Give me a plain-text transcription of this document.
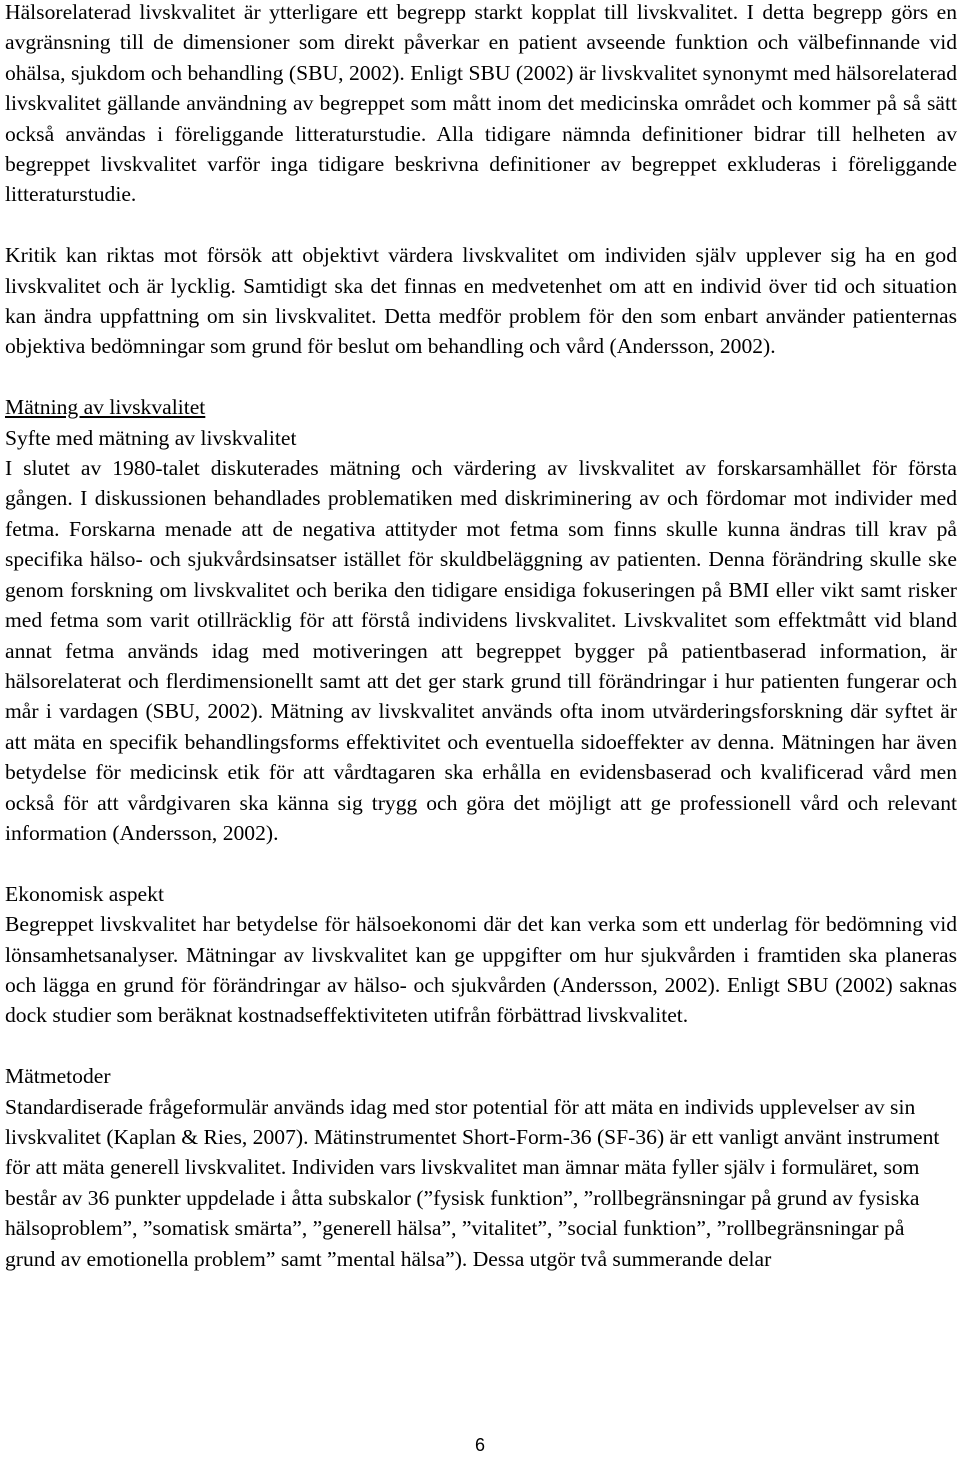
Hälsorelaterad livskvalitet är ytterligare ett begrepp starkt kopplat till livskvalitet. I detta begrepp görs en avgränsning till de dimensioner som direkt påverkar en patient avseende funktion och välbefinnande vid ohälsa, sjukdom och behandling (SBU, 2002). Enligt SBU (2002) är livskvalitet synonymt med hälsorelaterad livskvalitet gällande användning av begreppet som mått inom det medicinska området och kommer på så sätt också användas i föreliggande litteraturstudie. Alla tidigare nämnda definitioner bidrar till helheten av begreppet livskvalitet varför inga tidigare beskrivna definitioner av begreppet exkluderas i föreliggande litteraturstudie.

Kritik kan riktas mot försök att objektivt värdera livskvalitet om individen själv upplever sig ha en god livskvalitet och är lycklig. Samtidigt ska det finnas en medvetenhet om att en individ över tid och situation kan ändra uppfattning om sin livskvalitet. Detta medför problem för den som enbart använder patienternas objektiva bedömningar som grund för beslut om behandling och vård (Andersson, 2002).

Mätning av livskvalitet

Syfte med mätning av livskvalitet

I slutet av 1980-talet diskuterades mätning och värdering av livskvalitet av forskarsamhället för första gången. I diskussionen behandlades problematiken med diskriminering av och fördomar mot individer med fetma. Forskarna menade att de negativa attityder mot fetma som finns skulle kunna ändras till krav på specifika hälso- och sjukvårdsinsatser istället för skuldbeläggning av patienten. Denna förändring skulle ske genom forskning om livskvalitet och berika den tidigare ensidiga fokuseringen på BMI eller vikt samt risker med fetma som varit otillräcklig för att förstå individens livskvalitet. Livskvalitet som effektmått vid bland annat fetma används idag med motiveringen att begreppet bygger på patientbaserad information, är hälsorelaterat och flerdimensionellt samt att det ger stark grund till förändringar i hur patienten fungerar och mår i vardagen (SBU, 2002). Mätning av livskvalitet används ofta inom utvärderingsforskning där syftet är att mäta en specifik behandlingsforms effektivitet och eventuella sidoeffekter av denna. Mätningen har även betydelse för medicinsk etik för att vårdtagaren ska erhålla en evidensbaserad och kvalificerad vård men också för att vårdgivaren ska känna sig trygg och göra det möjligt att ge professionell vård och relevant information (Andersson, 2002).

Ekonomisk aspekt

Begreppet livskvalitet har betydelse för hälsoekonomi där det kan verka som ett underlag för bedömning vid lönsamhetsanalyser. Mätningar av livskvalitet kan ge uppgifter om hur sjukvården i framtiden ska planeras och lägga en grund för förändringar av hälso- och sjukvården (Andersson, 2002). Enligt SBU (2002) saknas dock studier som beräknat kostnadseffektiviteten utifrån förbättrad livskvalitet.

Mätmetoder

Standardiserade frågeformulär används idag med stor potential för att mäta en individs upplevelser av sin livskvalitet (Kaplan & Ries, 2007). Mätinstrumentet Short-Form-36 (SF-36) är ett vanligt använt instrument för att mäta generell livskvalitet. Individen vars livskvalitet man ämnar mäta fyller själv i formuläret, som består av 36 punkter uppdelade i åtta subskalor (”fysisk funktion”, ”rollbegränsningar på grund av fysiska hälsoproblem”, ”somatisk smärta”, ”generell hälsa”, ”vitalitet”, ”social funktion”, ”rollbegränsningar på grund av emotionella problem” samt ”mental hälsa”). Dessa utgör två summerande delar

6
